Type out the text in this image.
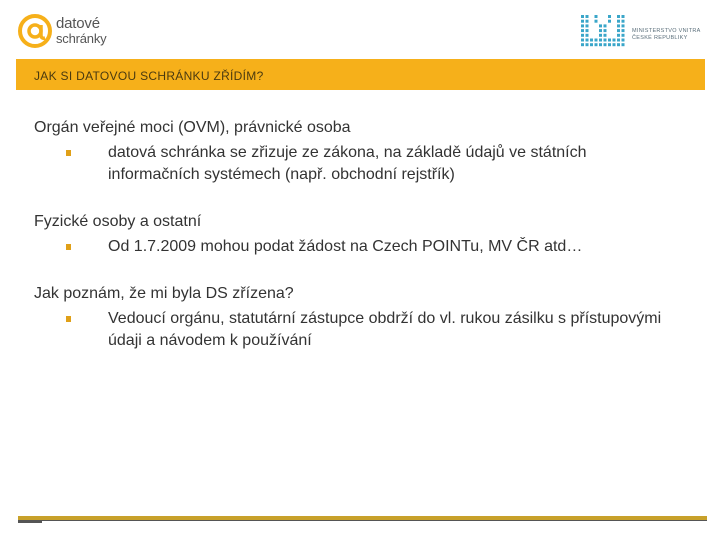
datové
schránky	MINISTERSTVO VNITRA
ČESKÉ REPUBLIKY
JAK SI DATOVOU SCHRÁNKU ZŘÍDÍM?
Orgán veřejné moci (OVM), právnické osoba
datová schránka se zřizuje ze zákona, na základě údajů ve státních informačních systémech (např. obchodní rejstřík)
Fyzické osoby a ostatní
Od 1.7.2009 mohou podat žádost na Czech POINTu, MV ČR atd…
Jak poznám, že mi byla DS zřízena?
Vedoucí orgánu, statutární zástupce obdrží do vl. rukou zásilku s přístupovými údaji a návodem k používání
